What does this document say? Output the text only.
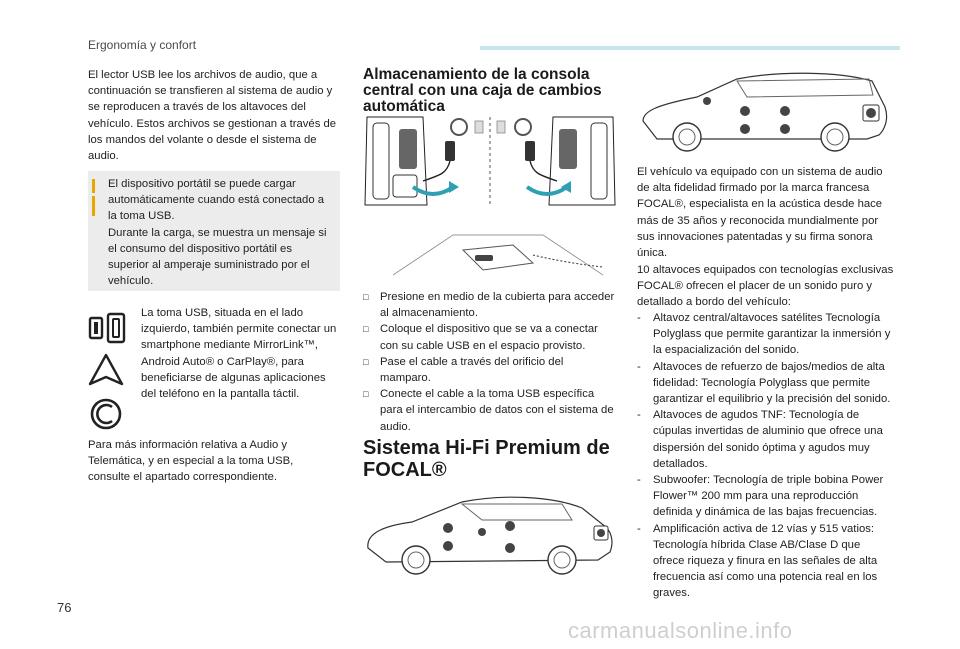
Ergonomía y confort

El lector USB lee los archivos de audio, que a continuación se transfieren al sistema de audio y se reproducen a través de los altavoces del vehículo. Estos archivos se gestionan a través de los mandos del volante o desde el sistema de audio.

El dispositivo portátil se puede cargar automáticamente cuando está conectado a la toma USB.
Durante la carga, se muestra un mensaje si el consumo del dispositivo portátil es superior al amperaje suministrado por el vehículo.

La toma USB, situada en el lado izquierdo, también permite conectar un smartphone mediante MirrorLink™, Android Auto® o CarPlay®, para beneficiarse de algunas aplicaciones del teléfono en la pantalla táctil.

Para más información relativa a Audio y Telemática, y en especial a la toma USB, consulte el apartado correspondiente.

Almacenamiento de la consola central con una caja de cambios automática
□ Presione en medio de la cubierta para acceder al almacenamiento.
□ Coloque el dispositivo que se va a conectar con su cable USB en el espacio provisto.
□ Pase el cable a través del orificio del mamparo.
□ Conecte el cable a la toma USB específica para el intercambio de datos con el sistema de audio.
Sistema Hi-Fi Premium de FOCAL®

El vehículo va equipado con un sistema de audio de alta fidelidad firmado por la marca francesa FOCAL®, especialista en la acústica desde hace más de 35 años y reconocida mundialmente por sus innovaciones patentadas y su firma sonora única.

10 altavoces equipados con tecnologías exclusivas FOCAL® ofrecen el placer de un sonido puro y detallado a bordo del vehículo:

- Altavoz central/altavoces satélites Tecnología Polyglass que permite garantizar la inmersión y la espacialización del sonido.
- Altavoces de refuerzo de bajos/medios de alta fidelidad: Tecnología Polyglass que permite garantizar el equilibrio y la precisión del sonido.
- Altavoces de agudos TNF: Tecnología de cúpulas invertidas de aluminio que ofrece una dispersión del sonido óptima y agudos muy detallados.
- Subwoofer: Tecnología de triple bobina Power Flower™ 200 mm para una reproducción definida y dinámica de las bajas frecuencias.
- Amplificación activa de 12 vías y 515 vatios: Tecnología híbrida Clase AB/Clase D que ofrece riqueza y finura en las señales de alta frecuencia así como una potencia real en los graves.
76
carmanualsonline.info
